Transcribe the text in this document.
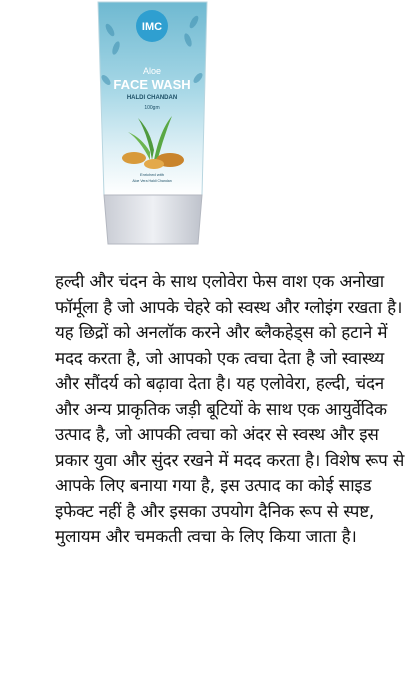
IMC
Aloe
FACE WASH
HALDI CHANDAN
100gm
Enriched with
Aloe Vera Haldi Chandan

हल्दी और चंदन के साथ एलोवेरा फेस वाश एक अनोखा फॉर्मूला है जो आपके चेहरे को स्वस्थ और ग्लोइंग रखता है। यह छिद्रों को अनलॉक करने और ब्लैकहेड्स को हटाने में मदद करता है, जो आपको एक त्वचा देता है जो स्वास्थ्य और सौंदर्य को बढ़ावा देता है। यह एलोवेरा, हल्दी, चंदन और अन्य प्राकृतिक जड़ी बूटियों के साथ एक आयुर्वेदिक उत्पाद है, जो आपकी त्वचा को अंदर से स्वस्थ और इस प्रकार युवा और सुंदर रखने में मदद करता है। विशेष रूप से आपके लिए बनाया गया है, इस उत्पाद का कोई साइड इफेक्ट नहीं है और इसका उपयोग दैनिक रूप से स्पष्ट, मुलायम और चमकती त्वचा के लिए किया जाता है।
